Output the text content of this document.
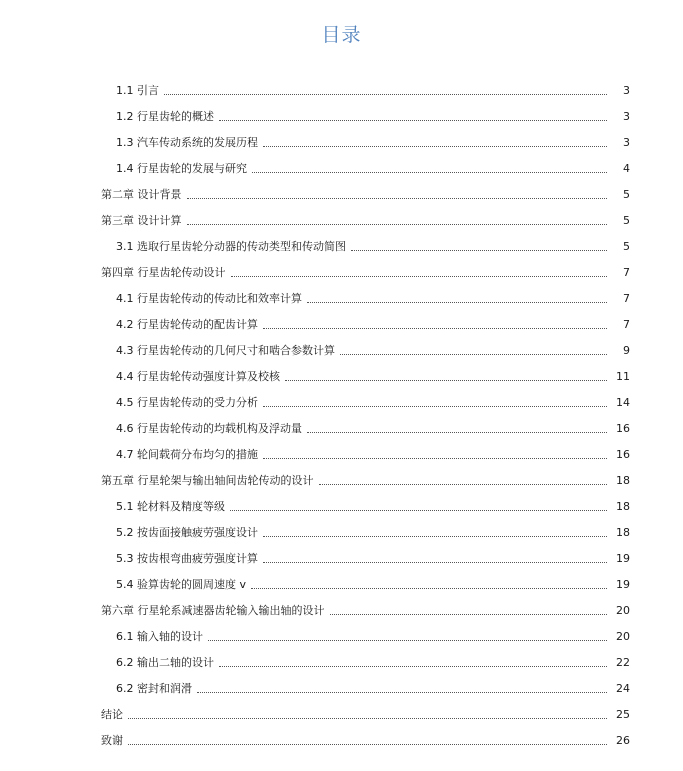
目录
1.1 引言	3
1.2 行星齿轮的概述	3
1.3 汽车传动系统的发展历程	3
1.4 行星齿轮的发展与研究	4
第二章 设计背景	5
第三章 设计计算	5
3.1 选取行星齿轮分动器的传动类型和传动简图	5
第四章 行星齿轮传动设计	7
4.1 行星齿轮传动的传动比和效率计算	7
4.2 行星齿轮传动的配齿计算	7
4.3 行星齿轮传动的几何尺寸和啮合参数计算	9
4.4 行星齿轮传动强度计算及校核	11
4.5 行星齿轮传动的受力分析	14
4.6 行星齿轮传动的均载机构及浮动量	16
4.7 轮间载荷分布均匀的措施	16
第五章 行星轮架与输出轴间齿轮传动的设计	18
5.1 轮材料及精度等级	18
5.2 按齿面接触疲劳强度设计	18
5.3 按齿根弯曲疲劳强度计算	19
5.4 验算齿轮的圆周速度 v	19
第六章 行星轮系减速器齿轮输入输出轴的设计	20
6.1 输入轴的设计	20
6.2 输出二轴的设计	22
6.2 密封和润滑	24
结论	25
致谢	26
